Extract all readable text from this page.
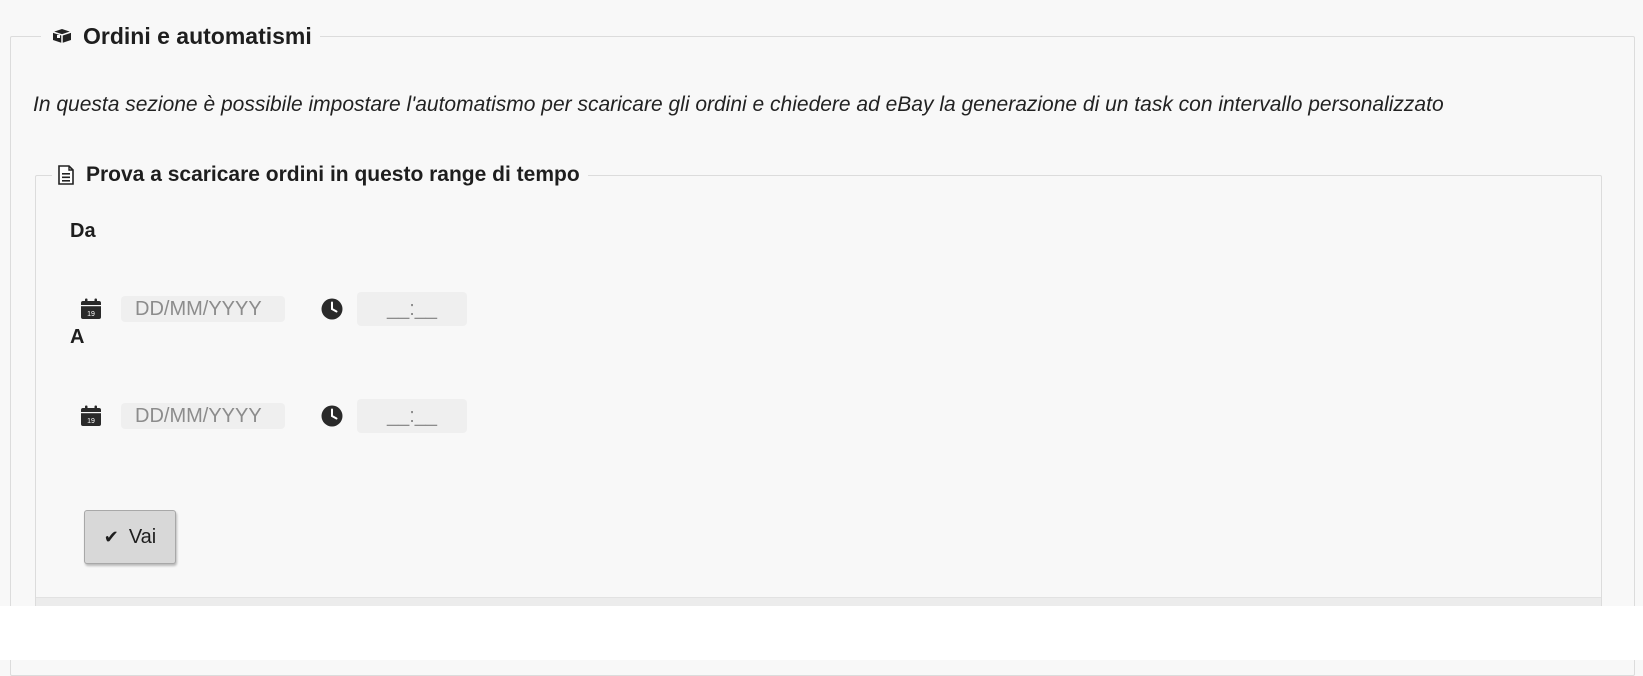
Ordini e automatismi
In questa sezione è possibile impostare l'automatismo per scaricare gli ordini e chiedere ad eBay la generazione di un task con intervallo personalizzato
Prova a scaricare ordini in questo range di tempo
Da
19
DD/MM/YYYY
__:__
A
19
DD/MM/YYYY
__:__
✔ Vai
